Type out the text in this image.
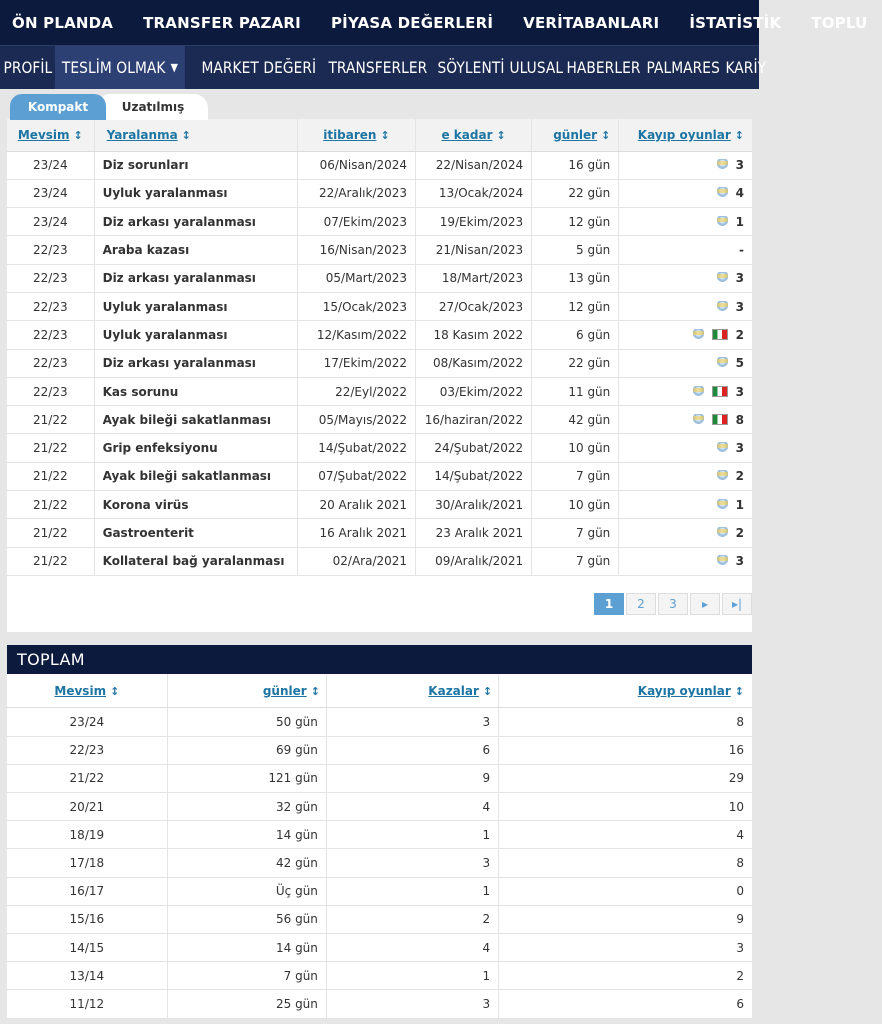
ÖN PLANDA	TRANSFER PAZARI	PİYASA DEĞERLERİ	VERİTABANLARI	İSTATİSTİK	TOPLU
PROFİL TESLİM OLMAK ▼ MARKET DEĞERİ TRANSFERLER SÖYLENTİ ULUSAL HABERLER PALMARES KARİY
Uzatılmış
Kompakt
Mevsim ↕	Yaralanma ↕	itibaren ↕	e kadar ↕	günler ↕	Kayıp oyunlar ↕
23/24	Diz sorunları	06/Nisan/2024	22/Nisan/2024	16 gün	3

23/24	Uyluk yaralanması	22/Aralık/2023	13/Ocak/2024	22 gün	4

23/24	Diz arkası yaralanması	07/Ekim/2023	19/Ekim/2023	12 gün	1

22/23	Araba kazası	16/Nisan/2023	21/Nisan/2023	5 gün	-

22/23	Diz arkası yaralanması	05/Mart/2023	18/Mart/2023	13 gün	3

22/23	Uyluk yaralanması	15/Ocak/2023	27/Ocak/2023	12 gün	3

22/23	Uyluk yaralanması	12/Kasım/2022	18 Kasım 2022	6 gün	2

22/23	Diz arkası yaralanması	17/Ekim/2022	08/Kasım/2022	22 gün	5

22/23	Kas sorunu	22/Eyl/2022	03/Ekim/2022	11 gün	3

21/22	Ayak bileği sakatlanması	05/Mayıs/2022	16/haziran/2022	42 gün	8

21/22	Grip enfeksiyonu	14/Şubat/2022	24/Şubat/2022	10 gün	3

21/22	Ayak bileği sakatlanması	07/Şubat/2022	14/Şubat/2022	7 gün	2

21/22	Korona virüs	20 Aralık 2021	30/Aralık/2021	10 gün	1

21/22	Gastroenterit	16 Aralık 2021	23 Aralık 2021	7 gün	2

21/22	Kollateral bağ yaralanması	02/Ara/2021	09/Aralık/2021	7 gün	3
1	2	3	▸	▸|
TOPLAM
Mevsim ↕	günler ↕	Kazalar ↕	Kayıp oyunlar ↕
23/24	50 gün	3	8
22/23	69 gün	6	16
21/22	121 gün	9	29
20/21	32 gün	4	10
18/19	14 gün	1	4
17/18	42 gün	3	8
16/17	Üç gün	1	0
15/16	56 gün	2	9
14/15	14 gün	4	3
13/14	7 gün	1	2
11/12	25 gün	3	6
